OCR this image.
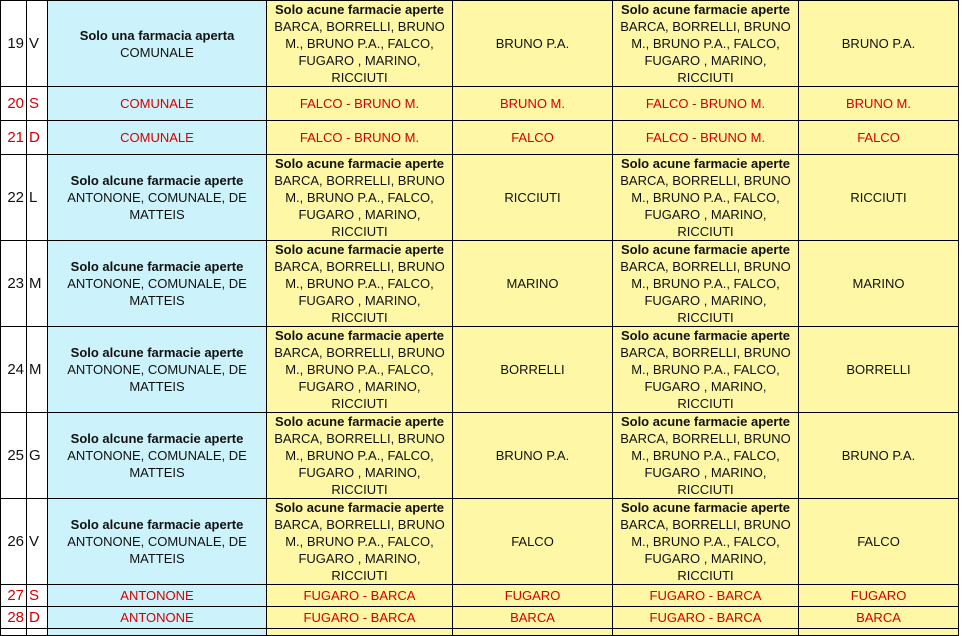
19	V	Solo una farmacia aperta
COMUNALE	Solo acune farmacie aperte
BARCA, BORRELLI, BRUNO M., BRUNO P.A., FALCO, FUGARO , MARINO, RICCIUTI	BRUNO P.A.	Solo acune farmacie aperte
BARCA, BORRELLI, BRUNO M., BRUNO P.A., FALCO, FUGARO , MARINO, RICCIUTI	BRUNO P.A.
20	S	COMUNALE	FALCO - BRUNO M.	BRUNO M.	FALCO - BRUNO M.	BRUNO M.
21	D	COMUNALE	FALCO - BRUNO M.	FALCO	FALCO - BRUNO M.	FALCO
22	L	Solo alcune farmacie aperte
ANTONONE, COMUNALE, DE MATTEIS	Solo acune farmacie aperte
BARCA, BORRELLI, BRUNO M., BRUNO P.A., FALCO, FUGARO , MARINO, RICCIUTI	RICCIUTI	Solo acune farmacie aperte
BARCA, BORRELLI, BRUNO M., BRUNO P.A., FALCO, FUGARO , MARINO, RICCIUTI	RICCIUTI
23	M	Solo alcune farmacie aperte
ANTONONE, COMUNALE, DE MATTEIS	Solo acune farmacie aperte
BARCA, BORRELLI, BRUNO M., BRUNO P.A., FALCO, FUGARO , MARINO, RICCIUTI	MARINO	Solo acune farmacie aperte
BARCA, BORRELLI, BRUNO M., BRUNO P.A., FALCO, FUGARO , MARINO, RICCIUTI	MARINO
24	M	Solo alcune farmacie aperte
ANTONONE, COMUNALE, DE MATTEIS	Solo acune farmacie aperte
BARCA, BORRELLI, BRUNO M., BRUNO P.A., FALCO, FUGARO , MARINO, RICCIUTI	BORRELLI	Solo acune farmacie aperte
BARCA, BORRELLI, BRUNO M., BRUNO P.A., FALCO, FUGARO , MARINO, RICCIUTI	BORRELLI
25	G	Solo alcune farmacie aperte
ANTONONE, COMUNALE, DE MATTEIS	Solo acune farmacie aperte
BARCA, BORRELLI, BRUNO M., BRUNO P.A., FALCO, FUGARO , MARINO, RICCIUTI	BRUNO P.A.	Solo acune farmacie aperte
BARCA, BORRELLI, BRUNO M., BRUNO P.A., FALCO, FUGARO , MARINO, RICCIUTI	BRUNO P.A.
26	V	Solo alcune farmacie aperte
ANTONONE, COMUNALE, DE MATTEIS	Solo acune farmacie aperte
BARCA, BORRELLI, BRUNO M., BRUNO P.A., FALCO, FUGARO , MARINO, RICCIUTI	FALCO	Solo acune farmacie aperte
BARCA, BORRELLI, BRUNO M., BRUNO P.A., FALCO, FUGARO , MARINO, RICCIUTI	FALCO
27	S	ANTONONE	FUGARO - BARCA	FUGARO	FUGARO - BARCA	FUGARO
28	D	ANTONONE	FUGARO - BARCA	BARCA	FUGARO - BARCA	BARCA
